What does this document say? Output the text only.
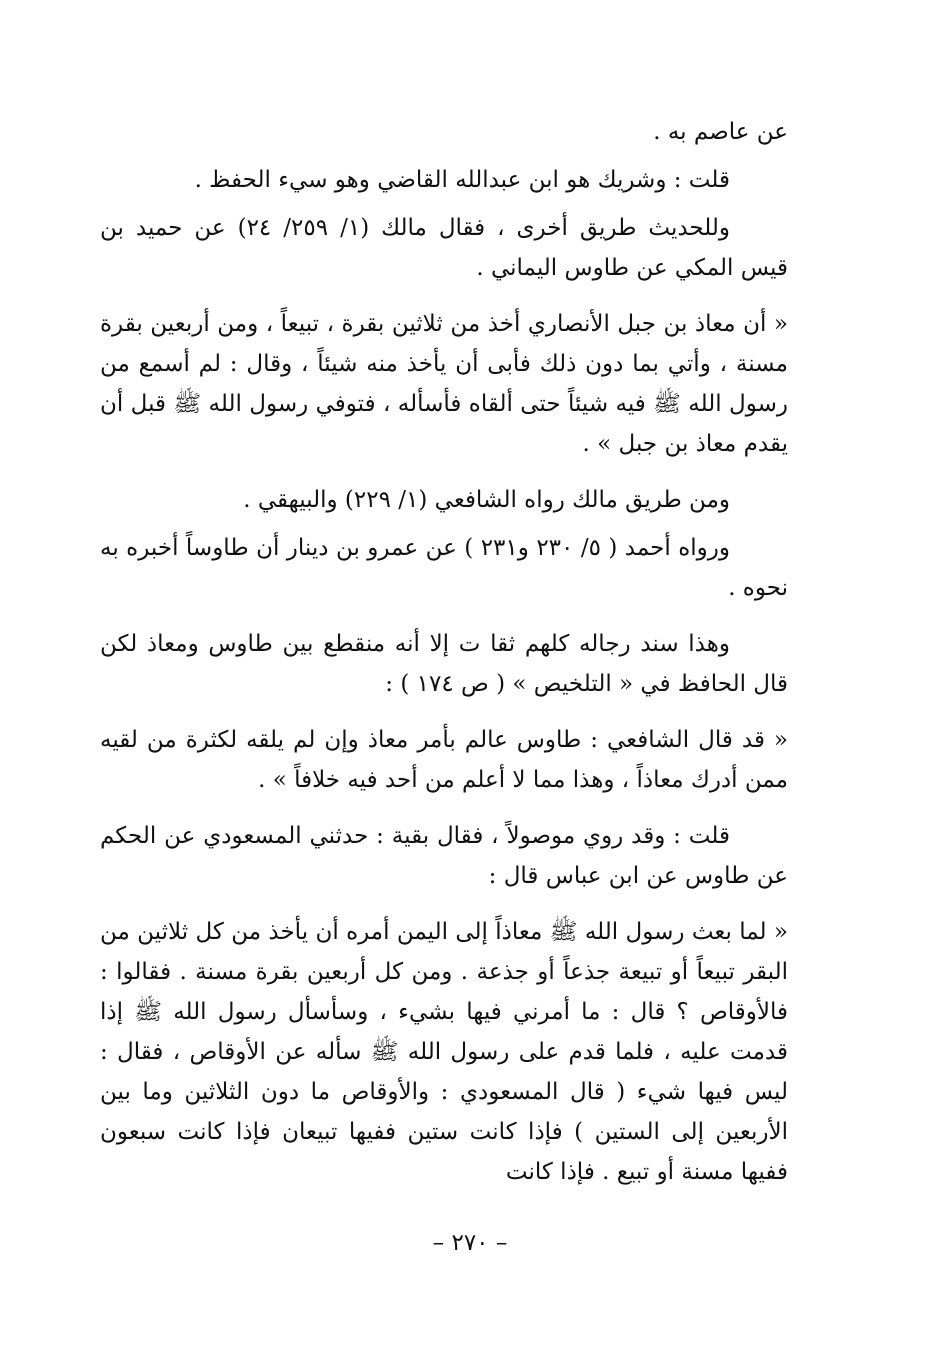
عن عاصم به .

قلت : وشريك هو ابن عبدالله القاضي وهو سيء الحفظ .

وللحديث طريق أخرى ، فقال مالك (١/ ٢٥٩/ ٢٤) عن حميد بن قيس المكي عن طاوس اليماني .

« أن معاذ بن جبل الأنصاري أخذ من ثلاثين بقرة ، تبيعاً ، ومن أربعين بقرة مسنة ، وأتي بما دون ذلك فأبى أن يأخذ منه شيئاً ، وقال : لم أسمع من رسول الله ﷺ فيه شيئاً حتى ألقاه فأسأله ، فتوفي رسول الله ﷺ قبل أن يقدم معاذ بن جبل » .

ومن طريق مالك رواه الشافعي (١/ ٢٢٩) والبيهقي .

ورواه أحمد ( ٥/ ٢٣٠ و٢٣١ ) عن عمرو بن دينار أن طاوساً أخبره به نحوه .

وهذا سند رجاله كلهم ثقا ت إلا أنه منقطع بين طاوس ومعاذ لكن قال الحافظ في « التلخيص » ( ص ١٧٤ ) :

« قد قال الشافعي : طاوس عالم بأمر معاذ وإن لم يلقه لكثرة من لقيه ممن أدرك معاذاً ، وهذا مما لا أعلم من أحد فيه خلافاً » .

قلت : وقد روي موصولاً ، فقال بقية : حدثني المسعودي عن الحكم عن طاوس عن ابن عباس قال :

« لما بعث رسول الله ﷺ معاذاً إلى اليمن أمره أن يأخذ من كل ثلاثين من البقر تبيعاً أو تبيعة جذعاً أو جذعة . ومن كل أربعين بقرة مسنة . فقالوا : فالأوقاص ؟ قال : ما أمرني فيها بشيء ، وسأسأل رسول الله ﷺ إذا قدمت عليه ، فلما قدم على رسول الله ﷺ سأله عن الأوقاص ، فقال : ليس فيها شيء ( قال المسعودي : والأوقاص ما دون الثلاثين وما بين الأربعين إلى الستين ) فإذا كانت ستين ففيها تبيعان فإذا كانت سبعون ففيها مسنة أو تبيع . فإذا كانت

– ٢٧٠ –
